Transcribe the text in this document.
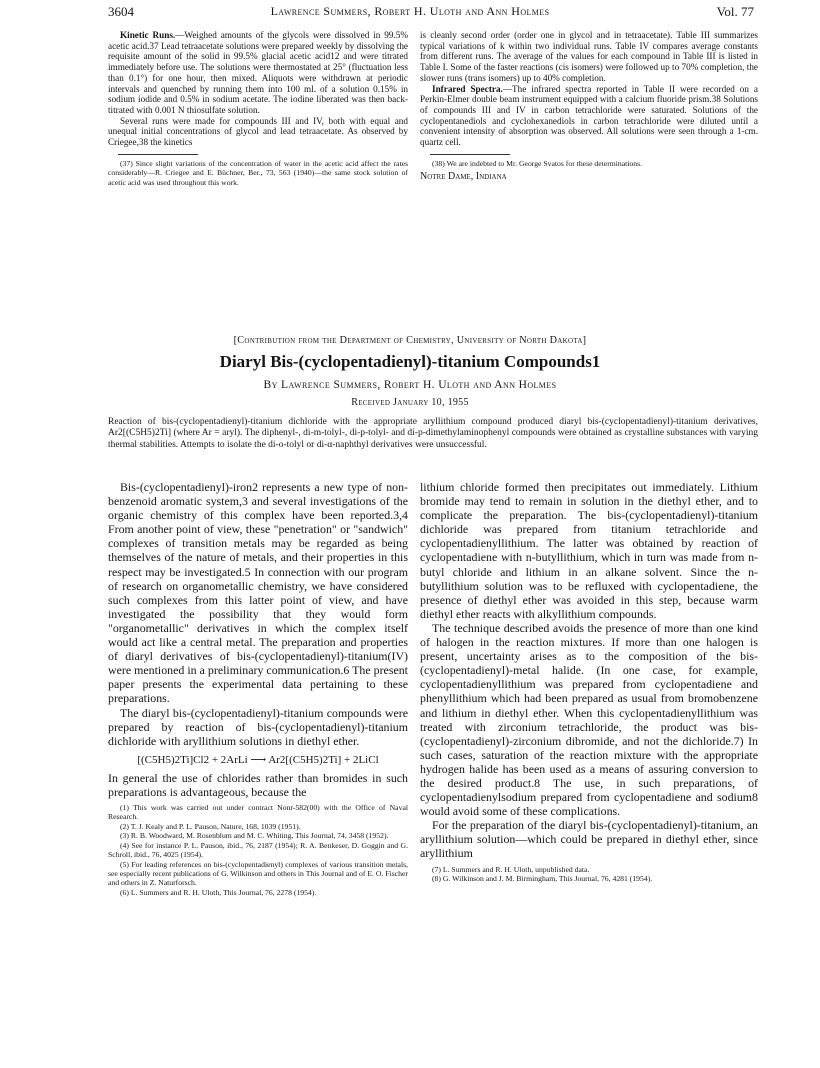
3604	Lawrence Summers, Robert H. Uloth and Ann Holmes	Vol. 77

Kinetic Runs.—Weighed amounts of the glycols were dissolved in 99.5% acetic acid.37 Lead tetraacetate solutions were prepared weekly by dissolving the requisite amount of the solid in 99.5% glacial acetic acid12 and were titrated immediately before use. The solutions were thermostated at 25° (fluctuation less than 0.1°) for one hour, then mixed. Aliquots were withdrawn at periodic intervals and quenched by running them into 100 ml. of a solution 0.15% in sodium iodide and 0.5% in sodium acetate. The iodine liberated was then back-titrated with 0.001 N thiosulfate solution.

Several runs were made for compounds III and IV, both with equal and unequal initial concentrations of glycol and lead tetraacetate. As observed by Criegee,38 the kinetics

(37) Since slight variations of the concentration of water in the acetic acid affect the rates considerably—R. Criegee and E. Büchner, Ber., 73, 563 (1940)—the same stock solution of acetic acid was used throughout this work.

is cleanly second order (order one in glycol and in tetraacetate). Table III summarizes typical variations of k within two individual runs. Table IV compares average constants from different runs. The average of the values for each compound in Table III is listed in Table I. Some of the faster reactions (cis isomers) were followed up to 70% completion, the slower runs (trans isomers) up to 40% completion.

Infrared Spectra.—The infrared spectra reported in Table II were recorded on a Perkin-Elmer double beam instrument equipped with a calcium fluoride prism.38 Solutions of compounds III and IV in carbon tetrachloride were saturated. Solutions of the cyclopentanediols and cyclohexanediols in carbon tetrachloride were diluted until a convenient intensity of absorption was observed. All solutions were seen through a 1-cm. quartz cell.

(38) We are indebted to Mr. George Svatos for these determinations.

Notre Dame, Indiana

[Contribution from the Department of Chemistry, University of North Dakota]
Diaryl Bis-(cyclopentadienyl)-titanium Compounds1
By Lawrence Summers, Robert H. Uloth and Ann Holmes
Received January 10, 1955
Reaction of bis-(cyclopentadienyl)-titanium dichloride with the appropriate aryllithium compound produced diaryl bis-(cyclopentadienyl)-titanium derivatives, Ar2[(C5H5)2Ti] (where Ar = aryl). The diphenyl-, di-m-tolyl-, di-p-tolyl- and di-p-dimethylaminophenyl compounds were obtained as crystalline substances with varying thermal stabilities. Attempts to isolate the di-o-tolyl or di-α-naphthyl derivatives were unsuccessful.

Bis-(cyclopentadienyl)-iron2 represents a new type of non-benzenoid aromatic system,3 and several investigations of the organic chemistry of this complex have been reported.3,4 From another point of view, these "penetration" or "sandwich" complexes of transition metals may be regarded as being themselves of the nature of metals, and their properties in this respect may be investigated.5 In connection with our program of research on organometallic chemistry, we have considered such complexes from this latter point of view, and have investigated the possibility that they would form "organometallic" derivatives in which the complex itself would act like a central metal. The preparation and properties of diaryl derivatives of bis-(cyclopentadienyl)-titanium(IV) were mentioned in a preliminary communication.6 The present paper presents the experimental data pertaining to these preparations.

The diaryl bis-(cyclopentadienyl)-titanium compounds were prepared by reaction of bis-(cyclopentadienyl)-titanium dichloride with aryllithium solutions in diethyl ether.

[(C5H5)2Ti]Cl2 + 2ArLi ⟶ Ar2[(C5H5)2Ti] + 2LiCl

In general the use of chlorides rather than bromides in such preparations is advantageous, because the

(1) This work was carried out under contract Nonr-582(00) with the Office of Naval Research.

(2) T. J. Kealy and P. L. Pauson, Nature, 168, 1039 (1951).

(3) R. B. Woodward, M. Rosenblum and M. C. Whiting, This Journal, 74, 3458 (1952).

(4) See for instance P. L. Pauson, ibid., 76, 2187 (1954); R. A. Benkeser, D. Goggin and G. Schroll, ibid., 76, 4025 (1954).

(5) For leading references on bis-(cyclopentadienyl) complexes of various transition metals, see especially recent publications of G. Wilkinson and others in This Journal and of E. O. Fischer and others in Z. Naturforsch.

(6) L. Summers and R. H. Uloth, This Journal, 76, 2278 (1954).

lithium chloride formed then precipitates out immediately. Lithium bromide may tend to remain in solution in the diethyl ether, and to complicate the preparation. The bis-(cyclopentadienyl)-titanium dichloride was prepared from titanium tetrachloride and cyclopentadienyllithium. The latter was obtained by reaction of cyclopentadiene with n-butyllithium, which in turn was made from n-butyl chloride and lithium in an alkane solvent. Since the n-butyllithium solution was to be refluxed with cyclopentadiene, the presence of diethyl ether was avoided in this step, because warm diethyl ether reacts with alkyllithium compounds.

The technique described avoids the presence of more than one kind of halogen in the reaction mixtures. If more than one halogen is present, uncertainty arises as to the composition of the bis-(cyclopentadienyl)-metal halide. (In one case, for example, cyclopentadienyllithium was prepared from cyclopentadiene and phenyllithium which had been prepared as usual from bromobenzene and lithium in diethyl ether. When this cyclopentadienyllithium was treated with zirconium tetrachloride, the product was bis-(cyclopentadienyl)-zirconium dibromide, and not the dichloride.7) In such cases, saturation of the reaction mixture with the appropriate hydrogen halide has been used as a means of assuring conversion to the desired product.8 The use, in such preparations, of cyclopentadienylsodium prepared from cyclopentadiene and sodium8 would avoid some of these complications.

For the preparation of the diaryl bis-(cyclopentadienyl)-titanium, an aryllithium solution—which could be prepared in diethyl ether, since aryllithium

(7) L. Summers and R. H. Uloth, unpublished data.

(8) G. Wilkinson and J. M. Birmingham, This Journal, 76, 4281 (1954).
